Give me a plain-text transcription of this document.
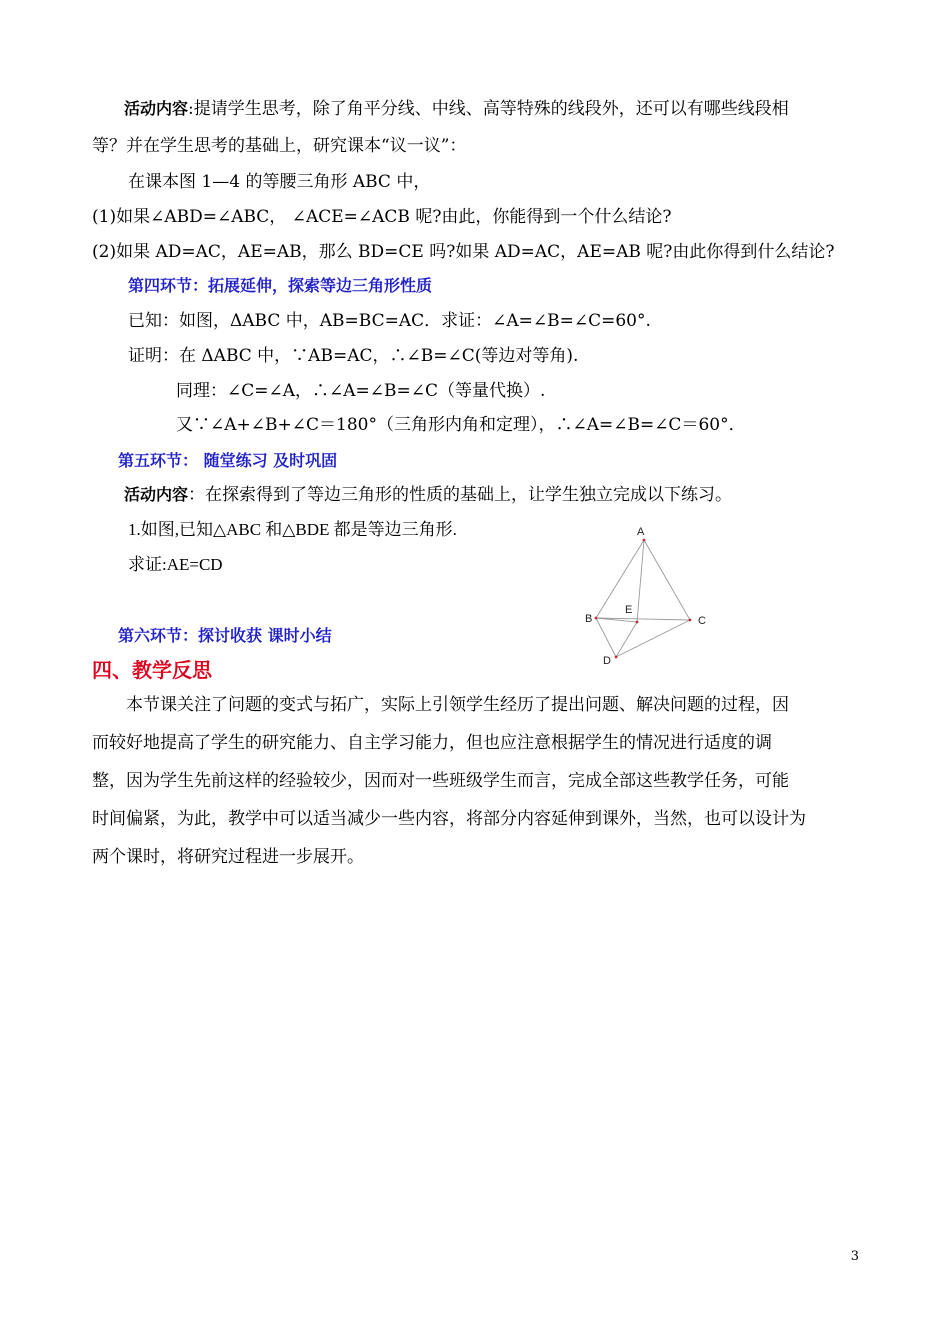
活动内容:提请学生思考，除了角平分线、中线、高等特殊的线段外，还可以有哪些线段相
等？并在学生思考的基础上，研究课本“议一议”：
在课本图 1—4 的等腰三角形 ABC 中，
(1)如果∠ABD=∠ABC， ∠ACE=∠ACB 呢?由此，你能得到一个什么结论?
(2)如果 AD=AC，AE=AB，那么 BD=CE 吗?如果 AD=AC，AE=AB 呢?由此你得到什么结论?
第四环节：拓展延伸，探索等边三角形性质
已知：如图，ΔABC 中，AB=BC=AC．求证：∠A=∠B=∠C=60°.
证明：在 ΔABC 中，∵AB=AC，∴∠B=∠C(等边对等角).
同理：∠C=∠A，∴∠A=∠B=∠C（等量代换）.
又∵∠A+∠B+∠C＝180°（三角形内角和定理），∴∠A=∠B=∠C＝60°．
第五环节： 随堂练习 及时巩固
活动内容：在探索得到了等边三角形的性质的基础上，让学生独立完成以下练习。
1.如图,已知△ABC 和△BDE 都是等边三角形.
求证:AE=CD
A
B	C
D
E
第六环节：探讨收获 课时小结
四、教学反思
本节课关注了问题的变式与拓广，实际上引领学生经历了提出问题、解决问题的过程，因
而较好地提高了学生的研究能力、自主学习能力，但也应注意根据学生的情况进行适度的调
整，因为学生先前这样的经验较少，因而对一些班级学生而言，完成全部这些教学任务，可能
时间偏紧，为此，教学中可以适当减少一些内容，将部分内容延伸到课外，当然，也可以设计为
两个课时，将研究过程进一步展开。
3
